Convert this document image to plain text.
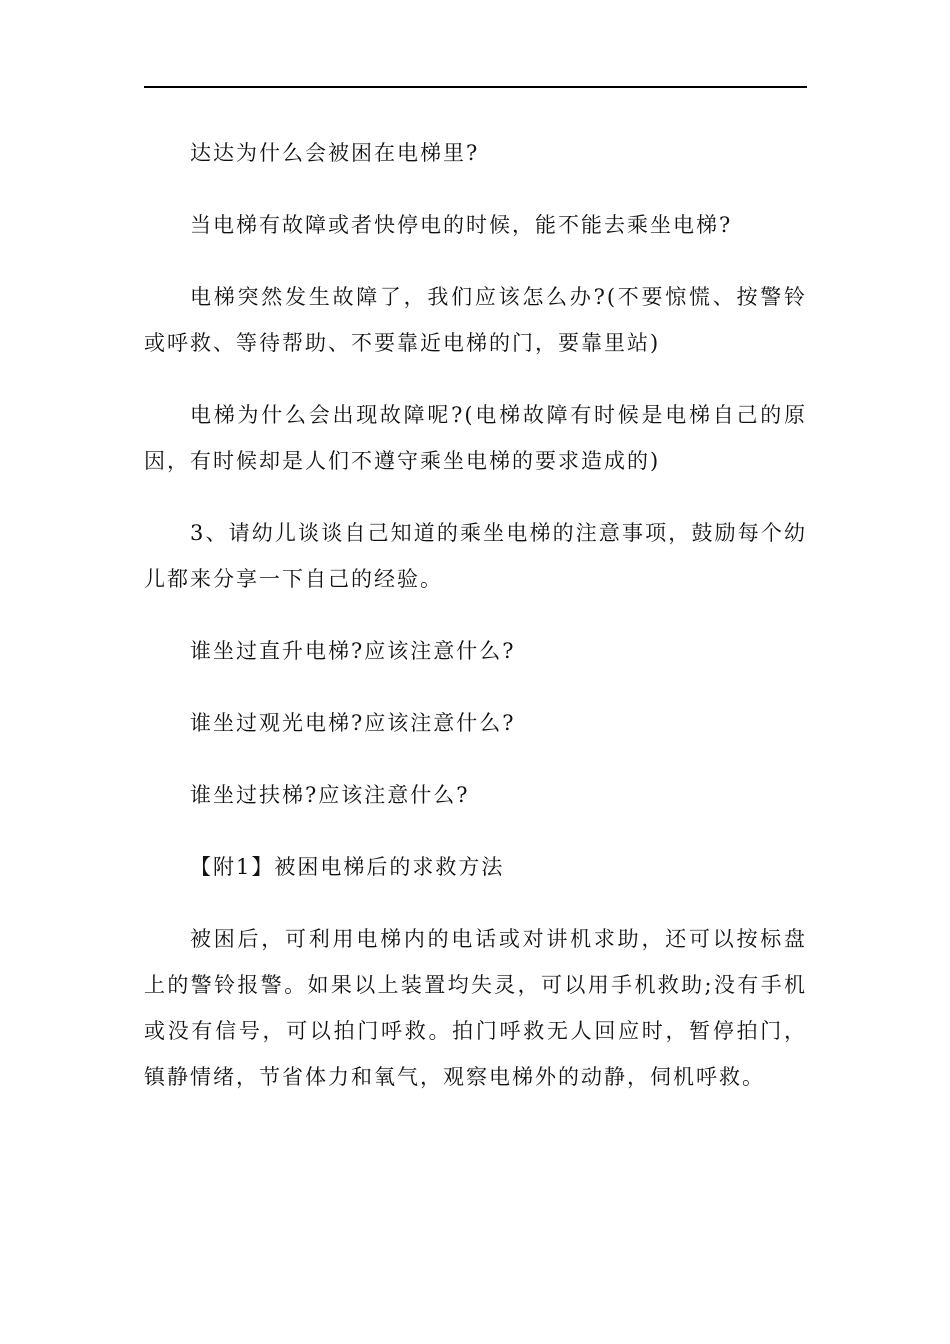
达达为什么会被困在电梯里?

当电梯有故障或者快停电的时候，能不能去乘坐电梯?

电梯突然发生故障了，我们应该怎么办?(不要惊慌、按警铃或呼救、等待帮助、不要靠近电梯的门，要靠里站)

电梯为什么会出现故障呢?(电梯故障有时候是电梯自己的原因，有时候却是人们不遵守乘坐电梯的要求造成的)

3、请幼儿谈谈自己知道的乘坐电梯的注意事项，鼓励每个幼儿都来分享一下自己的经验。

谁坐过直升电梯?应该注意什么?

谁坐过观光电梯?应该注意什么?

谁坐过扶梯?应该注意什么?

【附1】被困电梯后的求救方法

被困后，可利用电梯内的电话或对讲机求助，还可以按标盘上的警铃报警。如果以上装置均失灵，可以用手机救助;没有手机或没有信号，可以拍门呼救。拍门呼救无人回应时，暂停拍门，镇静情绪，节省体力和氧气，观察电梯外的动静，伺机呼救。
